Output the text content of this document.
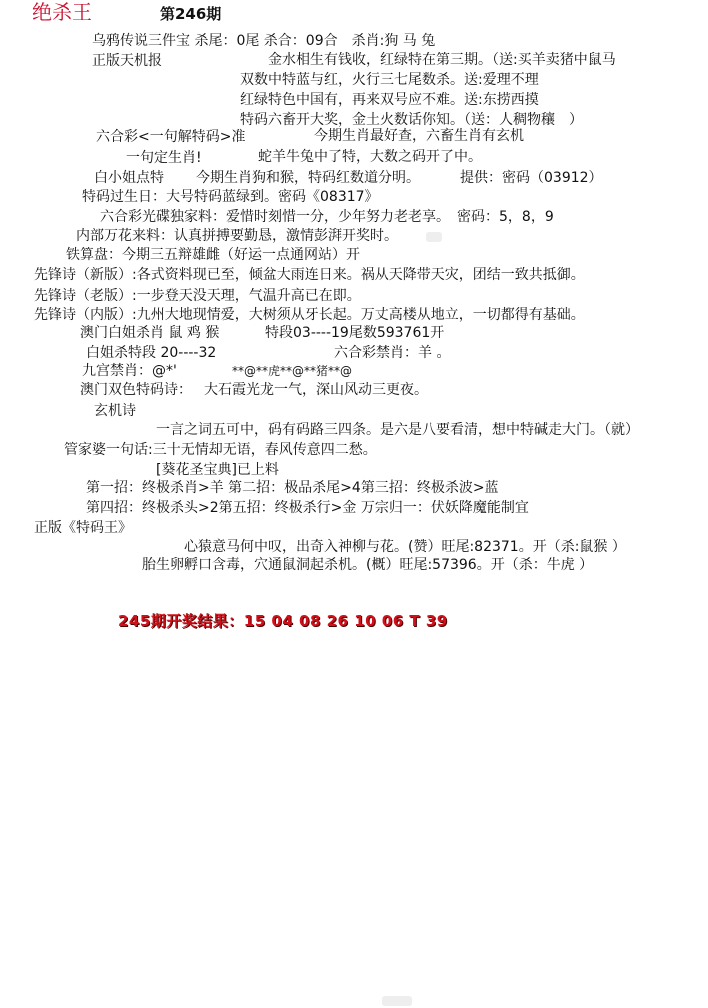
绝杀王	第246期
乌鸦传说三件宝 杀尾：0尾 杀合：09合　杀肖:狗 马 兔
正版天机报	金水相生有钱收，红绿特在第三期。（送:买羊卖猪中鼠马
双数中特蓝与红，火行三七尾数杀。送:爱理不理
红绿特色中国有，再来双号应不难。送:东捞西摸
特码六畜开大奖，金土火数话你知。（送：人稠物穰　）
六合彩<一句解特码>准	今期生肖最好查，六畜生肖有玄机
一句定生肖!	蛇羊牛兔中了特，大数之码开了中。
白小姐点特 今期生肖狗和猴，特码红数道分明。	提供：密码（03912）
特码过生日：大号特码蓝绿到。密码《08317》
六合彩光碟独家料：爱惜时刻惜一分，少年努力老老享。　密码：5，8，9
内部万花来料：认真拼搏要勤恳，激情彭湃开奖时。
铁算盘：今期三五辩雄雌（好运一点通网站）开
先锋诗（新版）:各式资料现已至，倾盆大雨连日来。祸从天降带天灾，团结一致共抵御。
先锋诗（老版）:一步登天没天理，气温升高已在即。
先锋诗（内版）:九州大地现情爱，大树须从牙长起。万丈高楼从地立，一切都得有基础。
澳门白姐杀肖 鼠 鸡 猴	特段03----19尾数593761开
白姐杀特段 20----32	六合彩禁肖：羊 。
九宫禁肖：@*'	**@**虎**@**猪**@
澳门双色特码诗： 大石霞光龙一气，深山风动三更夜。
玄机诗
一言之词五可中，码有码路三四条。是六是八要看清，想中特碱走大门。（就）
管家婆一句话:三十无情却无语，春风传意四二愁。
[葵花圣宝典]已上料
第一招：终极杀肖>羊 第二招：极品杀尾>4第三招：终极杀波>蓝
第四招：终极杀头>2第五招：终极杀行>金 万宗归一：伏妖降魔能制宜
正版《特码王》
心猿意马何中叹，出奇入神柳与花。(赞）旺尾:82371。开（杀:鼠猴 ）
胎生卵孵口含毒，穴通鼠洞起杀机。(概）旺尾:57396。开（杀：牛虎 ）
245期开奖结果：15 04 08 26 10 06 T 39
